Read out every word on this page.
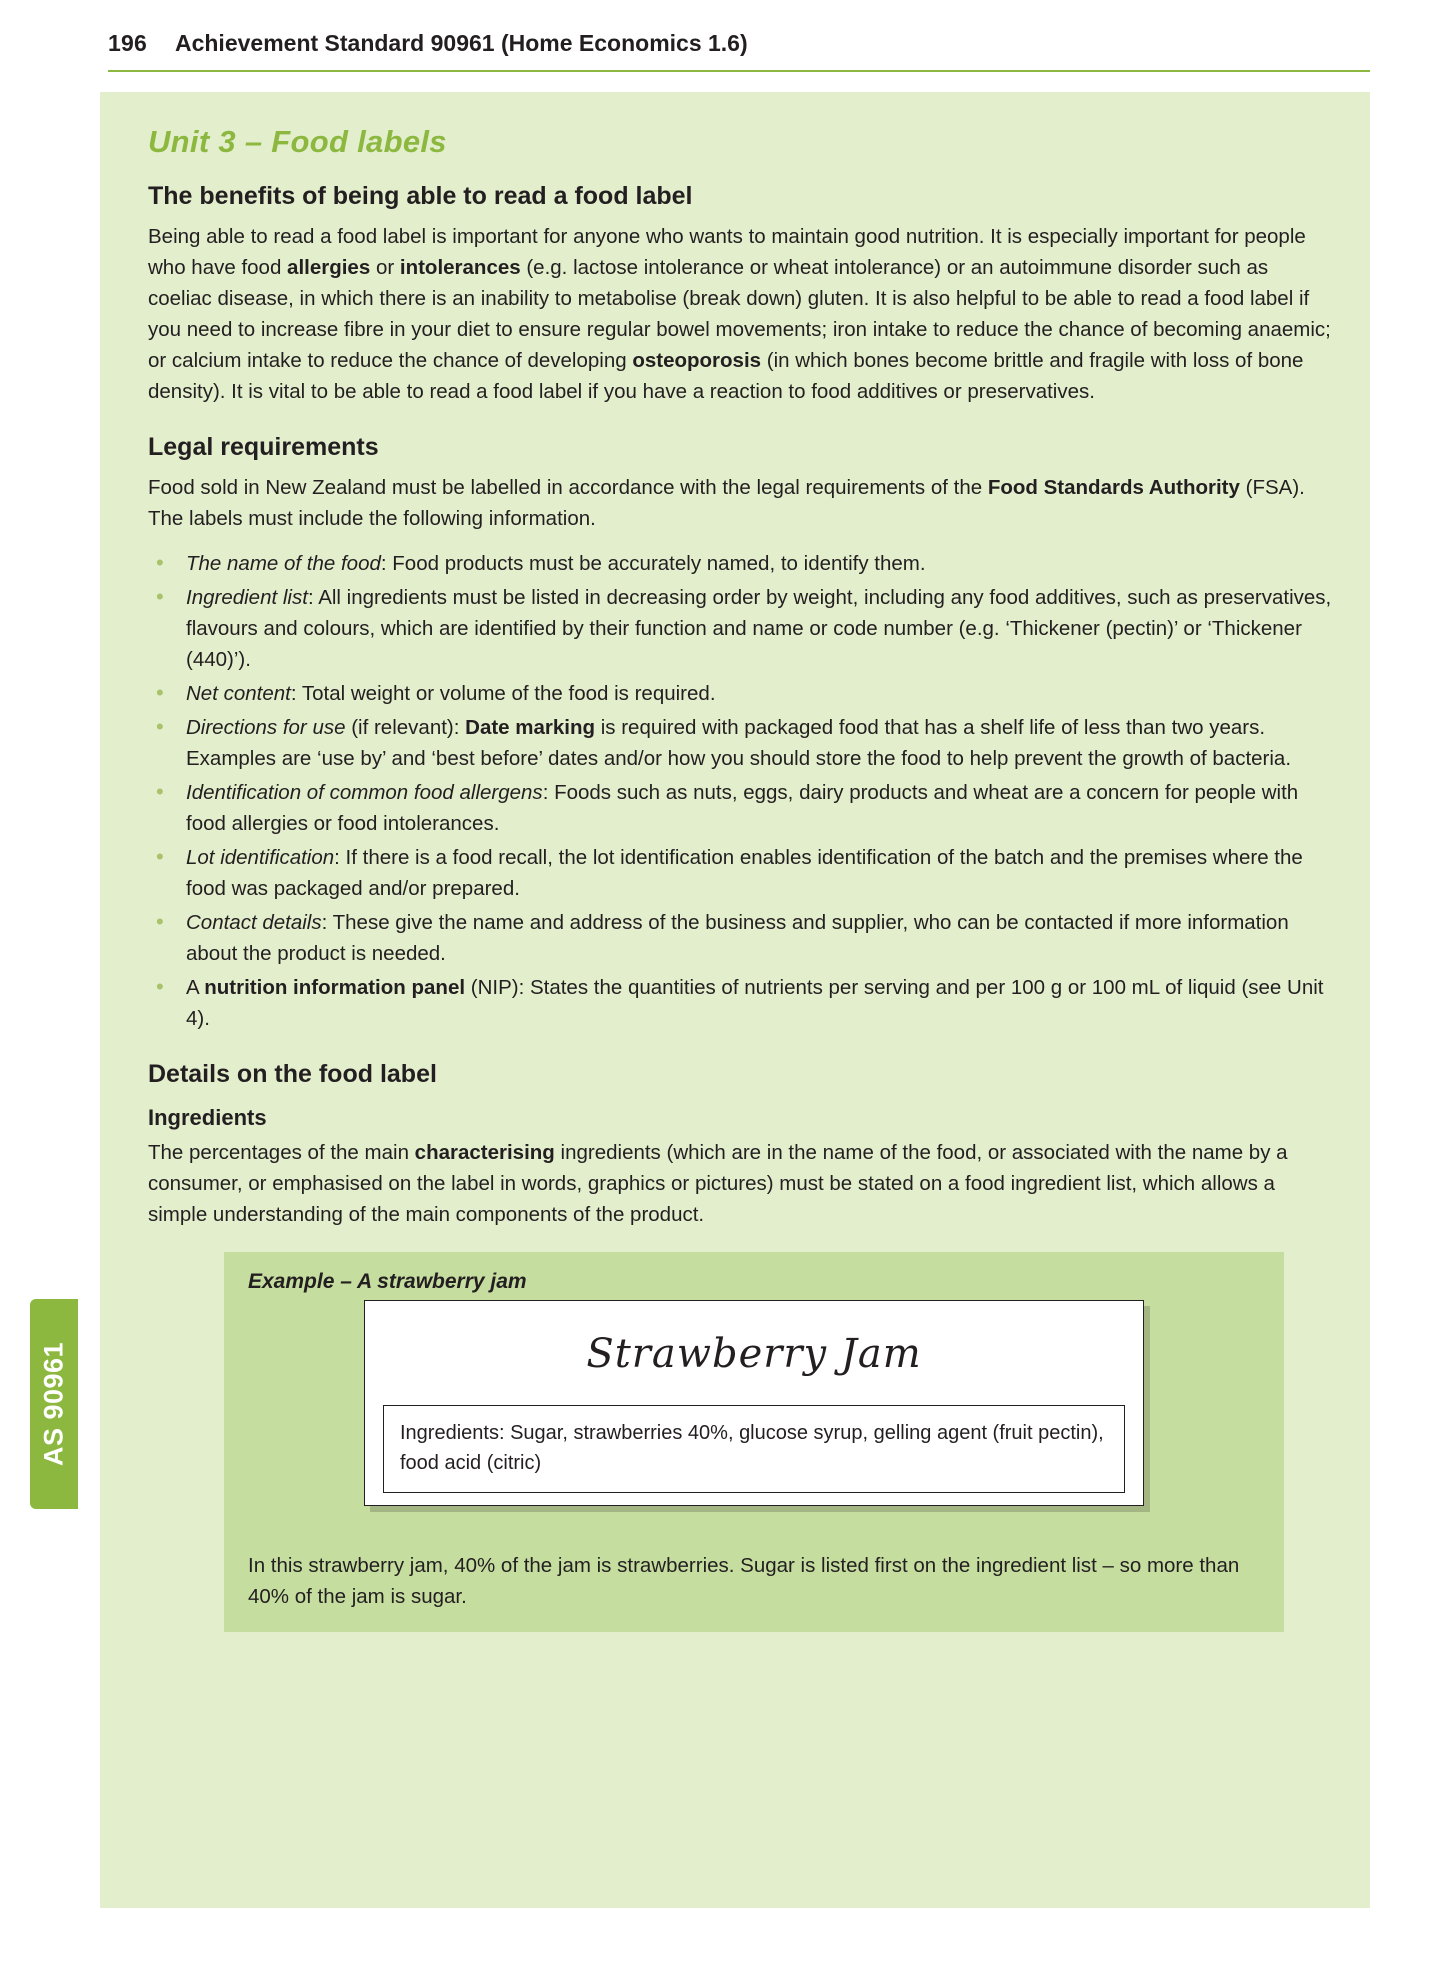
196 Achievement Standard 90961 (Home Economics 1.6)
AS 90961
Unit 3 – Food labels
The benefits of being able to read a food label

Being able to read a food label is important for anyone who wants to maintain good nutrition. It is especially important for people who have food allergies or intolerances (e.g. lactose intolerance or wheat intolerance) or an autoimmune disorder such as coeliac disease, in which there is an inability to metabolise (break down) gluten. It is also helpful to be able to read a food label if you need to increase fibre in your diet to ensure regular bowel movements; iron intake to reduce the chance of becoming anaemic; or calcium intake to reduce the chance of developing osteoporosis (in which bones become brittle and fragile with loss of bone density). It is vital to be able to read a food label if you have a reaction to food additives or preservatives.

Legal requirements

Food sold in New Zealand must be labelled in accordance with the legal requirements of the Food Standards Authority (FSA). The labels must include the following information.

• The name of the food: Food products must be accurately named, to identify them.
• Ingredient list: All ingredients must be listed in decreasing order by weight, including any food additives, such as preservatives, flavours and colours, which are identified by their function and name or code number (e.g. ‘Thickener (pectin)’ or ‘Thickener (440)’).
• Net content: Total weight or volume of the food is required.
• Directions for use (if relevant): Date marking is required with packaged food that has a shelf life of less than two years. Examples are ‘use by’ and ‘best before’ dates and/or how you should store the food to help prevent the growth of bacteria.
• Identification of common food allergens: Foods such as nuts, eggs, dairy products and wheat are a concern for people with food allergies or food intolerances.
• Lot identification: If there is a food recall, the lot identification enables identification of the batch and the premises where the food was packaged and/or prepared.
• Contact details: These give the name and address of the business and supplier, who can be contacted if more information about the product is needed.
• A nutrition information panel (NIP): States the quantities of nutrients per serving and per 100 g or 100 mL of liquid (see Unit 4).
Details on the food label
Ingredients

The percentages of the main characterising ingredients (which are in the name of the food, or associated with the name by a consumer, or emphasised on the label in words, graphics or pictures) must be stated on a food ingredient list, which allows a simple understanding of the main components of the product.

Example – A strawberry jam
Strawberry Jam
Ingredients: Sugar, strawberries 40%, glucose syrup, gelling agent (fruit pectin), food acid (citric)
In this strawberry jam, 40% of the jam is strawberries. Sugar is listed first on the ingredient list – so more than 40% of the jam is sugar.
